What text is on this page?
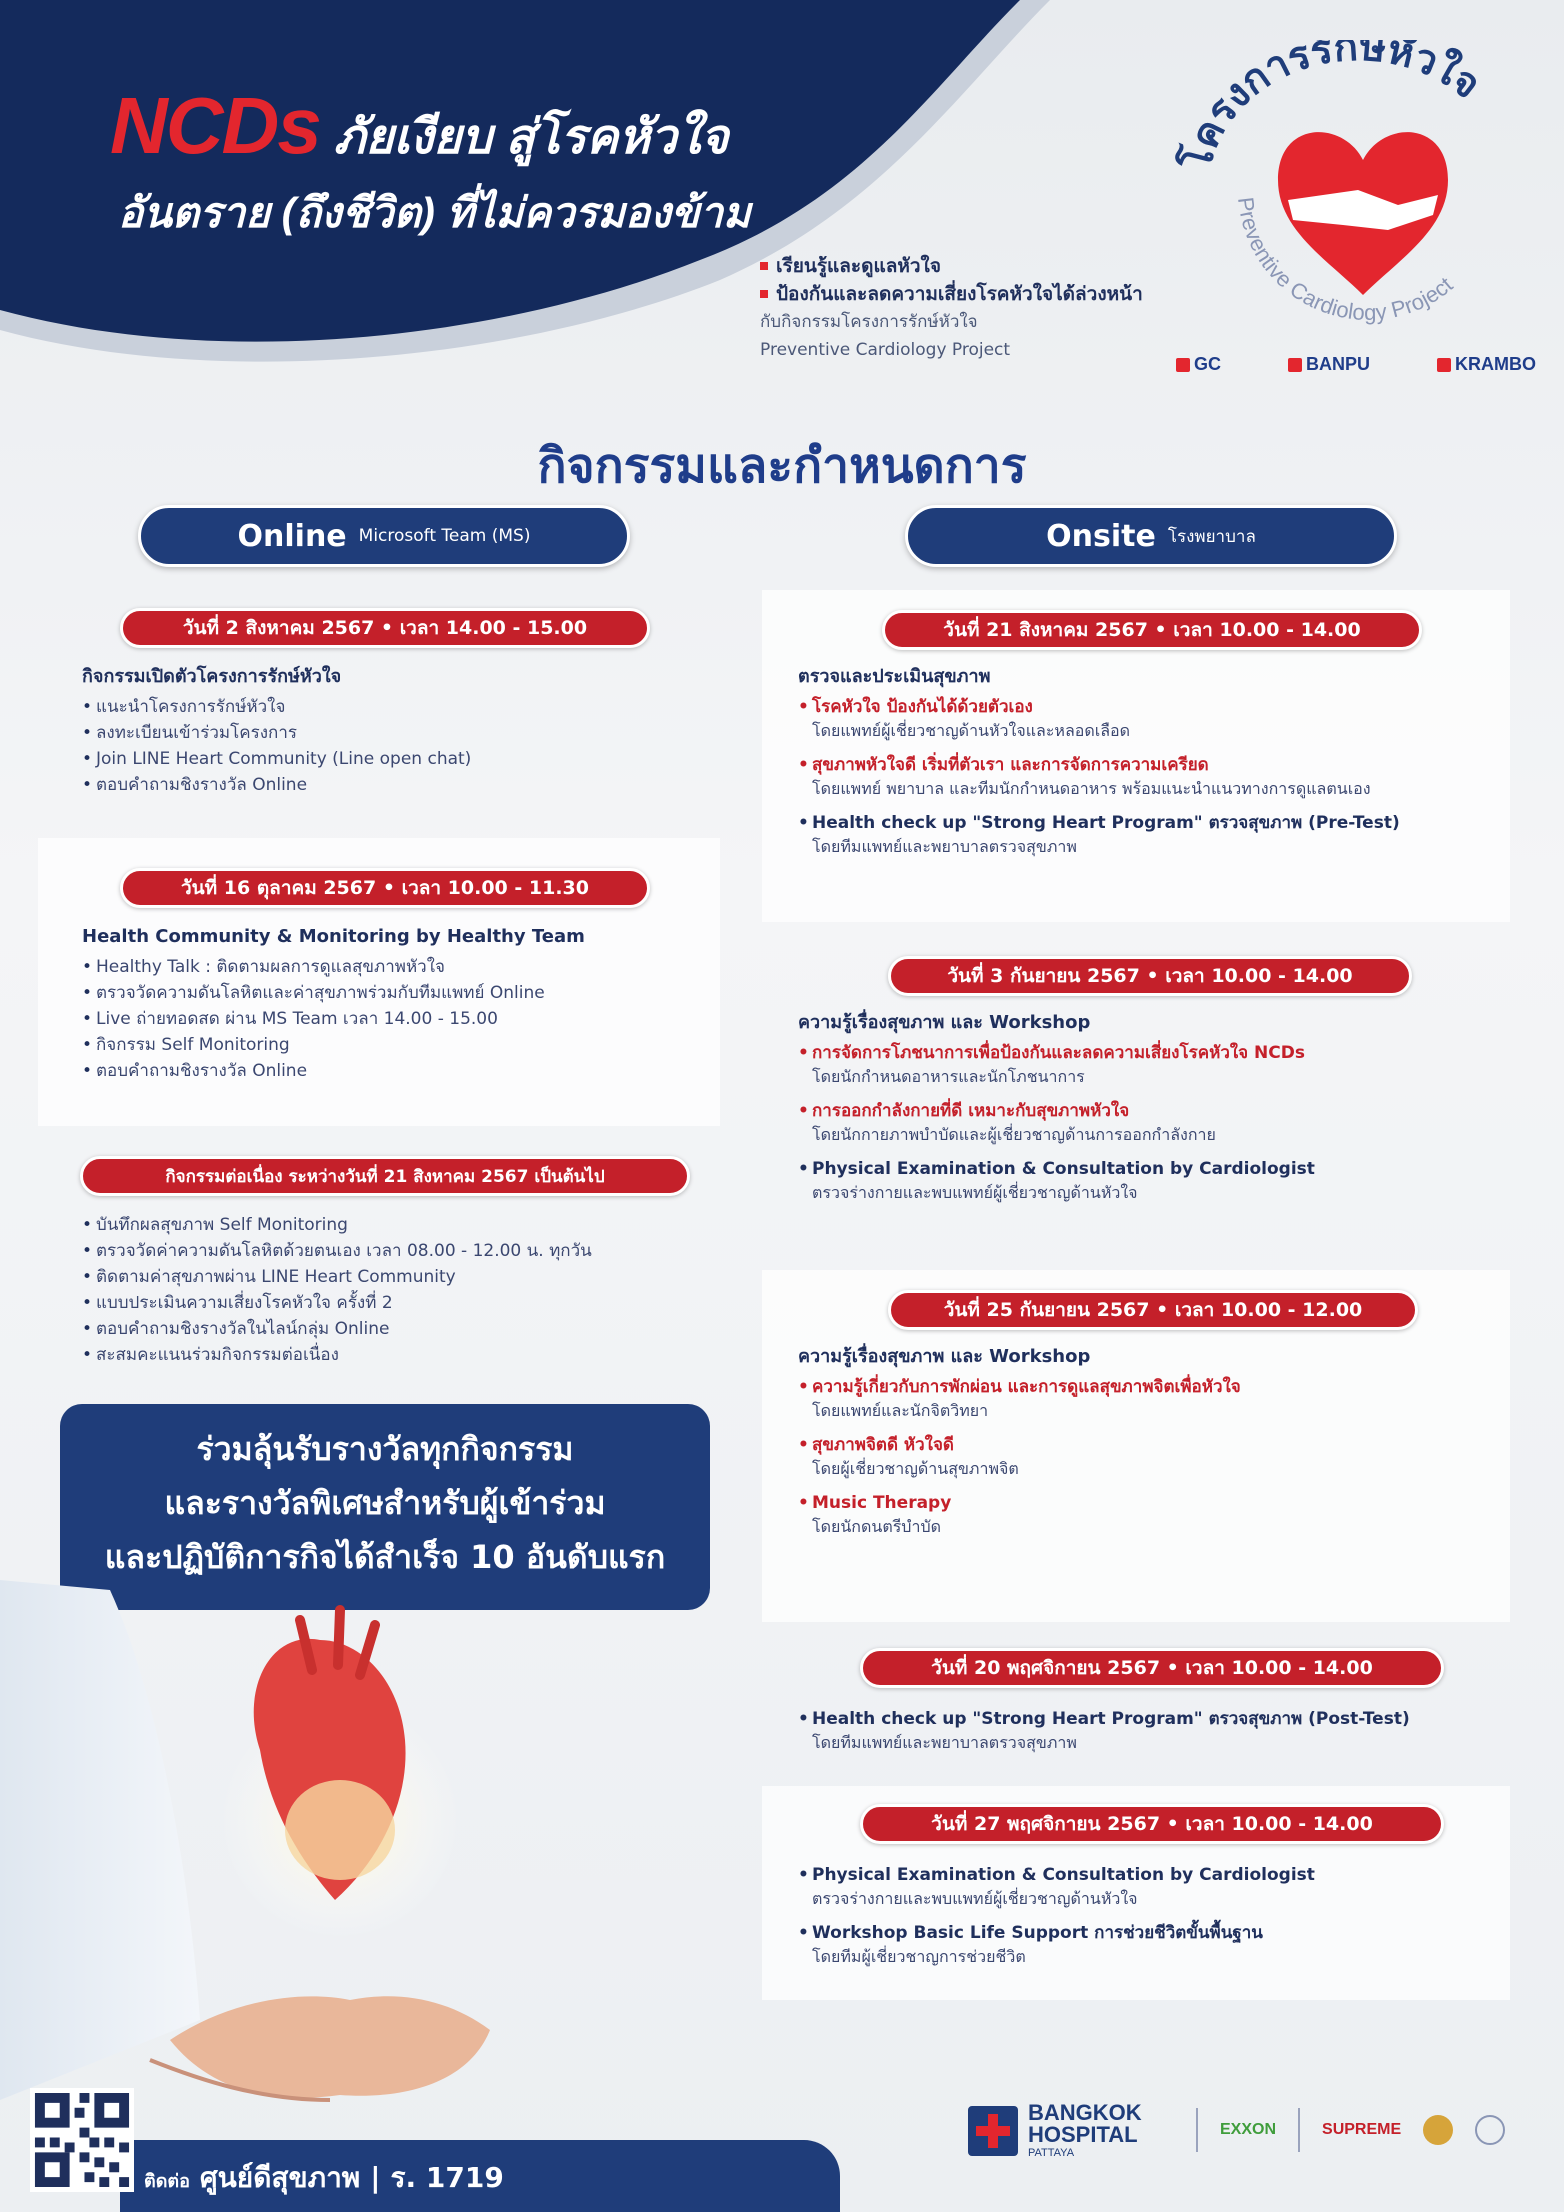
NCDs ภัยเงียบ สู่โรคหัวใจ
อันตราย (ถึงชีวิต) ที่ไม่ควรมองข้าม
เรียนรู้และดูแลหัวใจ
ป้องกันและลดความเสี่ยงโรคหัวใจได้ล่วงหน้า
กับกิจกรรมโครงการรักษ์หัวใจ
Preventive Cardiology Project
โครงการรักษ์หัวใจ
Preventive Cardiology Project
GC	BANPU	KRAMBO
กิจกรรมและกำหนดการ
Online Microsoft Team (MS)	Onsite โรงพยาบาล
วันที่ 2 สิงหาคม 2567 • เวลา 14.00 - 15.00
กิจกรรมเปิดตัวโครงการรักษ์หัวใจ
• แนะนำโครงการรักษ์หัวใจ
• ลงทะเบียนเข้าร่วมโครงการ
• Join LINE Heart Community (Line open chat)
• ตอบคำถามชิงรางวัล Online
วันที่ 16 ตุลาคม 2567 • เวลา 10.00 - 11.30
Health Community & Monitoring by Healthy Team
• Healthy Talk : ติดตามผลการดูแลสุขภาพหัวใจ
• ตรวจวัดความดันโลหิตและค่าสุขภาพร่วมกับทีมแพทย์ Online
• Live ถ่ายทอดสด ผ่าน MS Team เวลา 14.00 - 15.00
• กิจกรรม Self Monitoring
• ตอบคำถามชิงรางวัล Online
กิจกรรมต่อเนื่อง ระหว่างวันที่ 21 สิงหาคม 2567 เป็นต้นไป
• บันทึกผลสุขภาพ Self Monitoring
• ตรวจวัดค่าความดันโลหิตด้วยตนเอง เวลา 08.00 - 12.00 น. ทุกวัน
• ติดตามค่าสุขภาพผ่าน LINE Heart Community
• แบบประเมินความเสี่ยงโรคหัวใจ ครั้งที่ 2
• ตอบคำถามชิงรางวัลในไลน์กลุ่ม Online
• สะสมคะแนนร่วมกิจกรรมต่อเนื่อง
ร่วมลุ้นรับรางวัลทุกกิจกรรม
และรางวัลพิเศษสำหรับผู้เข้าร่วม
และปฏิบัติการกิจได้สำเร็จ 10 อันดับแรก
วันที่ 21 สิงหาคม 2567 • เวลา 10.00 - 14.00
ตรวจและประเมินสุขภาพ
• โรคหัวใจ ป้องกันได้ด้วยตัวเอง
โดยแพทย์ผู้เชี่ยวชาญด้านหัวใจและหลอดเลือด
• สุขภาพหัวใจดี เริ่มที่ตัวเรา และการจัดการความเครียด
โดยแพทย์ พยาบาล และทีมนักกำหนดอาหาร พร้อมแนะนำแนวทางการดูแลตนเอง
• Health check up "Strong Heart Program" ตรวจสุขภาพ (Pre-Test)
โดยทีมแพทย์และพยาบาลตรวจสุขภาพ
วันที่ 3 กันยายน 2567 • เวลา 10.00 - 14.00
ความรู้เรื่องสุขภาพ และ Workshop
• การจัดการโภชนาการเพื่อป้องกันและลดความเสี่ยงโรคหัวใจ NCDs
โดยนักกำหนดอาหารและนักโภชนาการ
• การออกกำลังกายที่ดี เหมาะกับสุขภาพหัวใจ
โดยนักกายภาพบำบัดและผู้เชี่ยวชาญด้านการออกกำลังกาย
• Physical Examination & Consultation by Cardiologist
ตรวจร่างกายและพบแพทย์ผู้เชี่ยวชาญด้านหัวใจ
วันที่ 25 กันยายน 2567 • เวลา 10.00 - 12.00
ความรู้เรื่องสุขภาพ และ Workshop
• ความรู้เกี่ยวกับการพักผ่อน และการดูแลสุขภาพจิตเพื่อหัวใจ
โดยแพทย์และนักจิตวิทยา
• สุขภาพจิตดี หัวใจดี
โดยผู้เชี่ยวชาญด้านสุขภาพจิต
• Music Therapy
โดยนักดนตรีบำบัด
วันที่ 20 พฤศจิกายน 2567 • เวลา 10.00 - 14.00
• Health check up "Strong Heart Program" ตรวจสุขภาพ (Post-Test)
โดยทีมแพทย์และพยาบาลตรวจสุขภาพ
วันที่ 27 พฤศจิกายน 2567 • เวลา 10.00 - 14.00
• Physical Examination & Consultation by Cardiologist
ตรวจร่างกายและพบแพทย์ผู้เชี่ยวชาญด้านหัวใจ
• Workshop Basic Life Support การช่วยชีวิตขั้นพื้นฐาน
โดยทีมผู้เชี่ยวชาญการช่วยชีวิต
ติดต่อ ศูนย์ดีสุขภาพ | ร. 1719
BANGKOK
HOSPITAL
PATTAYA
EXXON	SUPREME
